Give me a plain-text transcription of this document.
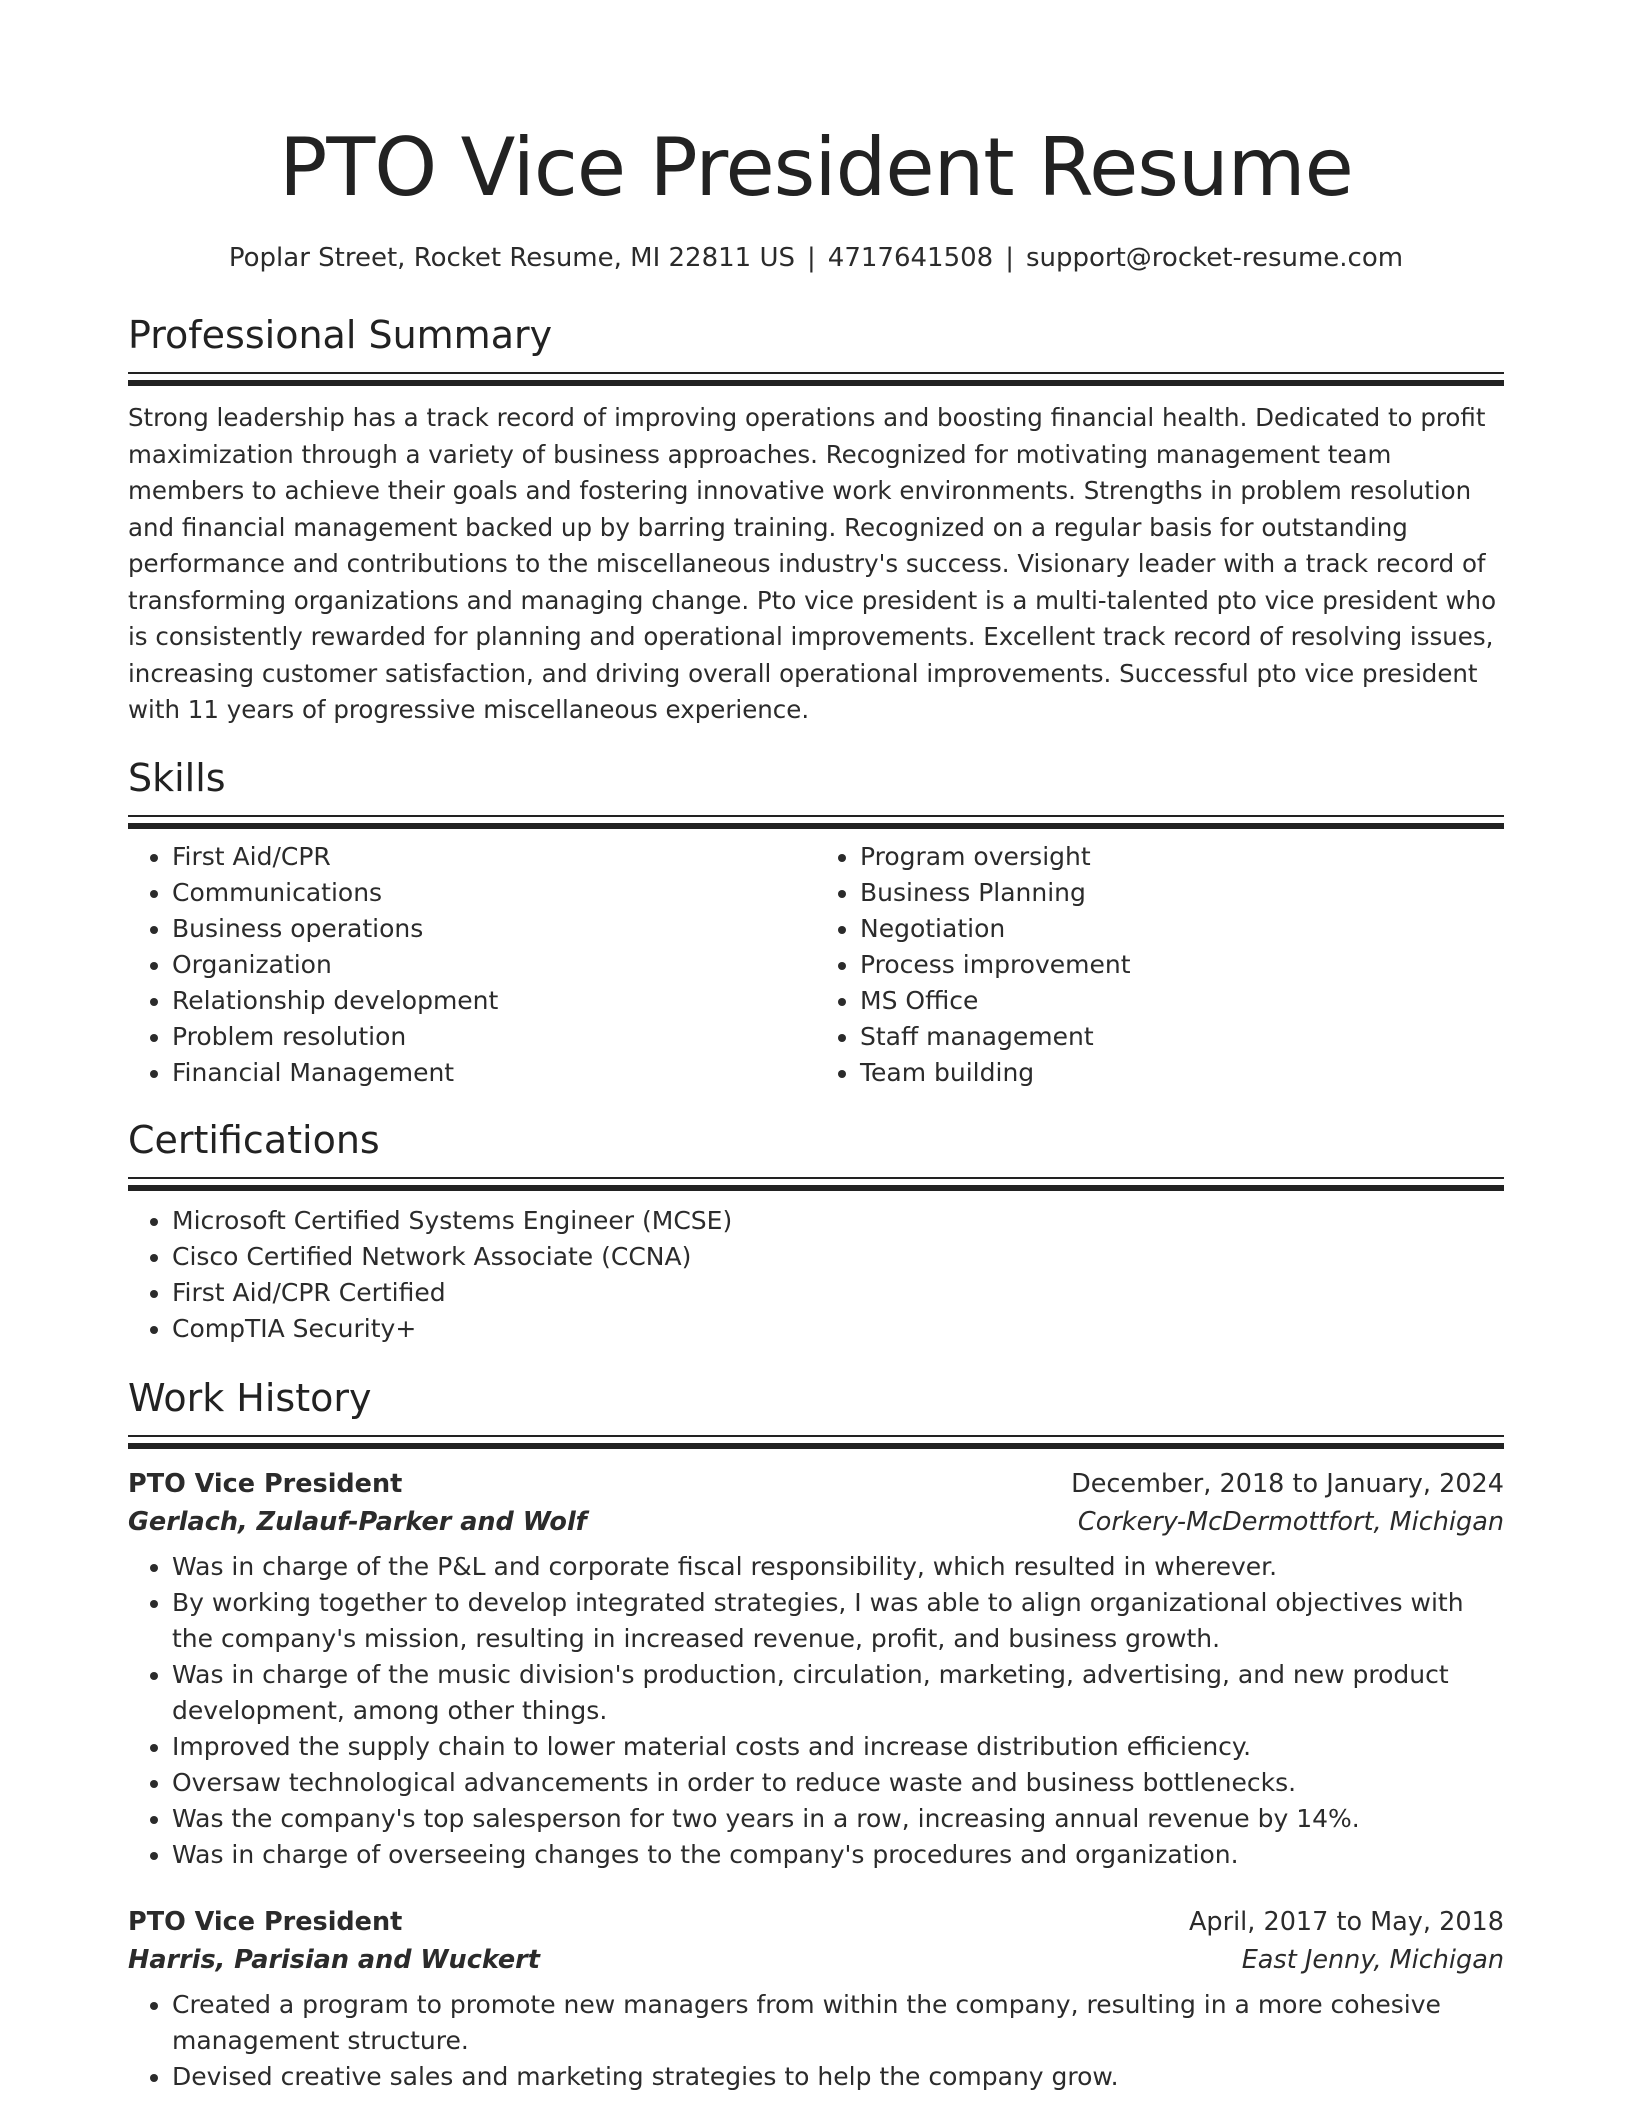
PTO Vice President Resume
Poplar Street, Rocket Resume, MI 22811 US | 4717641508 | support@rocket-resume.com
Professional Summary

Strong leadership has a track record of improving operations and boosting financial health. Dedicated to profit maximization through a variety of business approaches. Recognized for motivating management team members to achieve their goals and fostering innovative work environments. Strengths in problem resolution and financial management backed up by barring training. Recognized on a regular basis for outstanding performance and contributions to the miscellaneous industry's success. Visionary leader with a track record of transforming organizations and managing change. Pto vice president is a multi-talented pto vice president who is consistently rewarded for planning and operational improvements. Excellent track record of resolving issues, increasing customer satisfaction, and driving overall operational improvements. Successful pto vice president with 11 years of progressive miscellaneous experience.

Skills
• First Aid/CPR
• Communications
• Business operations
• Organization
• Relationship development
• Problem resolution
• Financial Management
• Program oversight
• Business Planning
• Negotiation
• Process improvement
• MS Office
• Staff management
• Team building
Certifications
• Microsoft Certified Systems Engineer (MCSE)
• Cisco Certified Network Associate (CCNA)
• First Aid/CPR Certified
• CompTIA Security+
Work History
PTO Vice President	December, 2018 to January, 2024
Gerlach, Zulauf-Parker and Wolf	Corkery-McDermottfort, Michigan
• Was in charge of the P&L and corporate fiscal responsibility, which resulted in wherever.
• By working together to develop integrated strategies, I was able to align organizational objectives with the company's mission, resulting in increased revenue, profit, and business growth.
• Was in charge of the music division's production, circulation, marketing, advertising, and new product development, among other things.
• Improved the supply chain to lower material costs and increase distribution efficiency.
• Oversaw technological advancements in order to reduce waste and business bottlenecks.
• Was the company's top salesperson for two years in a row, increasing annual revenue by 14%.
• Was in charge of overseeing changes to the company's procedures and organization.
PTO Vice President	April, 2017 to May, 2018
Harris, Parisian and Wuckert	East Jenny, Michigan
• Created a program to promote new managers from within the company, resulting in a more cohesive management structure.
• Devised creative sales and marketing strategies to help the company grow.
